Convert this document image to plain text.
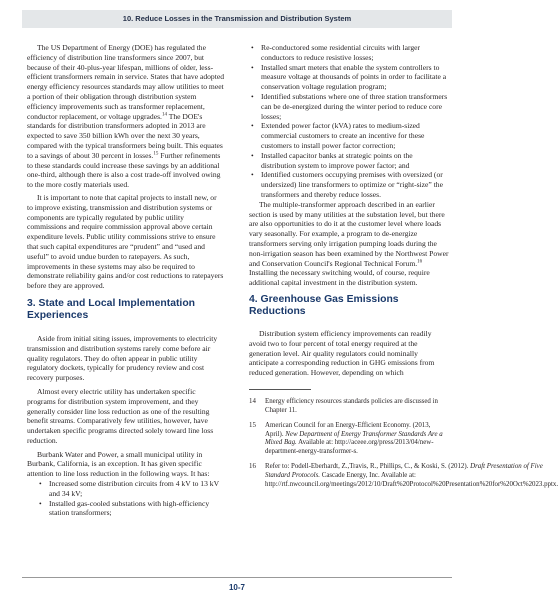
10. Reduce Losses in the Transmission and Distribution System

The US Department of Energy (DOE) has regulated the efficiency of distribution line transformers since 2007, but because of their 40-plus-year lifespan, millions of older, less-efficient transformers remain in service. States that have adopted energy efficiency resources standards may allow utilities to meet a portion of their obligation through distribution system efficiency improvements such as transformer replacement, conductor replacement, or voltage upgrades.$^{14}$ The DOE's standards for distribution transformers adopted in 2013 are expected to save 350 billion kWh over the next 30 years, compared with the typical transformers being built. This equates to a savings of about 30 percent in losses.$^{15}$ Further refinements to these standards could increase these savings by an additional one-third, although there is also a cost trade-off involved owing to the more costly materials used.

It is important to note that capital projects to install new, or to improve existing, transmission and distribution systems or components are typically regulated by public utility commissions and require commission approval above certain expenditure levels. Public utility commissions strive to ensure that such capital expenditures are “prudent” and “used and useful” to avoid undue burden to ratepayers. As such, improvements in these systems may also be required to demonstrate reliability gains and/or cost reductions to ratepayers before they are approved.

3. State and Local Implementation Experiences

Aside from initial siting issues, improvements to electricity transmission and distribution systems rarely come before air quality regulators. They do often appear in public utility regulatory dockets, typically for prudency review and cost recovery purposes.

Almost every electric utility has undertaken specific programs for distribution system improvement, and they generally consider line loss reduction as one of the resulting benefit streams. Comparatively few utilities, however, have undertaken specific programs directed solely toward line loss reduction.

Burbank Water and Power, a small municipal utility in Burbank, California, is an exception. It has given specific attention to line loss reduction in the following ways. It has:

• Increased some distribution circuits from 4 kV to 13 kV and 34 kV;
• Installed gas-cooled substations with high-efficiency station transformers;
• Re-conductored some residential circuits with larger conductors to reduce resistive losses;
• Installed smart meters that enable the system controllers to measure voltage at thousands of points in order to facilitate a conservation voltage regulation program;
• Identified substations where one of three station transformers can be de-energized during the winter period to reduce core losses;
• Extended power factor (kVA) rates to medium-sized commercial customers to create an incentive for these customers to install power factor correction;
• Installed capacitor banks at strategic points on the distribution system to improve power factor; and
• Identified customers occupying premises with oversized (or undersized) line transformers to optimize or “right-size” the transformers and thereby reduce losses.

The multiple-transformer approach described in an earlier section is used by many utilities at the substation level, but there are also opportunities to do it at the customer level where loads vary seasonally. For example, a program to de-energize transformers serving only irrigation pumping loads during the non-irrigation season has been examined by the Northwest Power and Conservation Council's Regional Technical Forum.$^{16}$ Installing the necessary switching would, of course, require additional capital investment in the distribution system.

4. Greenhouse Gas Emissions Reductions

Distribution system efficiency improvements can readily avoid two to four percent of total energy required at the generation level. Air quality regulators could nominally anticipate a corresponding reduction in GHG emissions from reduced generation. However, depending on which

14	Energy efficiency resources standards policies are discussed in Chapter 11.
15	American Council for an Energy-Efficient Economy. (2013, April). New Department of Energy Transformer Standards Are a Mixed Bag. Available at: http://aceee.org/press/2013/04/new-department-energy-transformer-s.
16	Refer to: Podell-Eberhardt, Z.,Travis, R., Phillips, C., & Koski, S. (2012). Draft Presentation of Five Standard Protocols. Cascade Energy, Inc. Available at: http://rtf.nwcouncil.org/meetings/2012/10/Draft%20Protocol%20Presentation%20for%20Oct%2023.pptx.
10-7
